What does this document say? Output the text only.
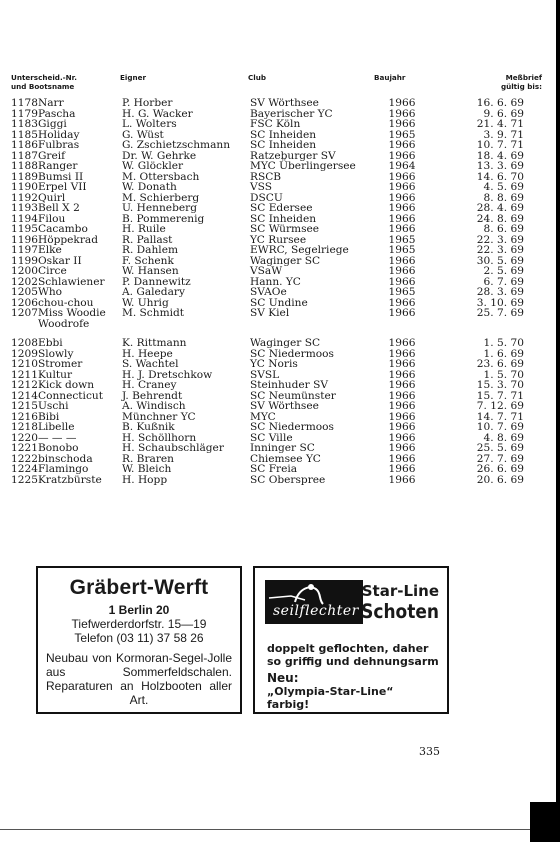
Unterscheid.-Nr.
und Bootsname
Eigner	Club	Baujahr	Meßbrief
gültig bis:
1178	Narr	P. Horber	SV Wörthsee	1966	16. 6. 69
1179	Pascha	H. G. Wacker	Bayerischer YC	1966	9. 6. 69
1183	Giggi	L. Wolters	FSC Köln	1966	21. 4. 71
1185	Holiday	G. Wüst	SC Inheiden	1965	3. 9. 71
1186	Fulbras	G. Zschietzschmann	SC Inheiden	1966	10. 7. 71
1187	Greif	Dr. W. Gehrke	Ratzeburger SV	1966	18. 4. 69
1188	Ranger	W. Glöckler	MYC Überlingersee	1964	13. 3. 69
1189	Bumsi II	M. Ottersbach	RSCB	1966	14. 6. 70
1190	Erpel VII	W. Donath	VSS	1966	4. 5. 69
1192	Quirl	M. Schierberg	DSCU	1966	8. 8. 69
1193	Bell X 2	U. Henneberg	SC Edersee	1966	28. 4. 69
1194	Filou	B. Pommerenig	SC Inheiden	1966	24. 8. 69
1195	Cacambo	H. Ruile	SC Würmsee	1966	8. 6. 69
1196	Höppekrad	R. Pallast	YC Rursee	1965	22. 3. 69
1197	Elke	R. Dahlem	EWRC, Segelriege	1965	22. 3. 69
1199	Oskar II	F. Schenk	Waginger SC	1966	30. 5. 69
1200	Circe	W. Hansen	VSaW	1966	2. 5. 69
1202	Schlawiener	P. Dannewitz	Hann. YC	1966	6. 7. 69
1205	Who	A. Galedary	SVAOe	1965	28. 3. 69
1206	chou-chou	W. Uhrig	SC Undine	1966	3. 10. 69
1207	Miss Woodie	M. Schmidt	SV Kiel	1966	25. 7. 69
	Woodrofe				

1208	Ebbi	K. Rittmann	Waginger SC	1966	1. 5. 70
1209	Slowly	H. Heepe	SC Niedermoos	1966	1. 6. 69
1210	Stromer	S. Wachtel	YC Noris	1966	23. 6. 69
1211	Kultur	H. J. Dretschkow	SVSL	1966	1. 5. 70
1212	Kick down	H. Craney	Steinhuder SV	1966	15. 3. 70
1214	Connecticut	J. Behrendt	SC Neumünster	1966	15. 7. 71
1215	Uschi	A. Windisch	SV Wörthsee	1966	7. 12. 69
1216	Bibi	Münchner YC	MYC	1966	14. 7. 71
1218	Libelle	B. Kußnik	SC Niedermoos	1966	10. 7. 69
1220	— — —	H. Schöllhorn	SC Ville	1966	4. 8. 69
1221	Bonobo	H. Schaubschläger	Inninger SC	1966	25. 5. 69
1222	binschoda	R. Braren	Chiemsee YC	1966	27. 7. 69
1224	Flamingo	W. Bleich	SC Freia	1966	26. 6. 69
1225	Kratzbürste	H. Hopp	SC Oberspree	1966	20. 6. 69
Gräbert-Werft
1 Berlin 20
Tiefwerderdorfstr. 15—19
Telefon (03 11) 37 58 26
Neubau von Kormoran-Segel-Jolle aus Sommerfeldschalen. Reparaturen an Holzbooten aller Art.
seilflechter
Star-Line
Schoten
doppelt geflochten, daher
so griffig und dehnungsarm
Neu:
„Olympia-Star-Line“ farbig!
335
